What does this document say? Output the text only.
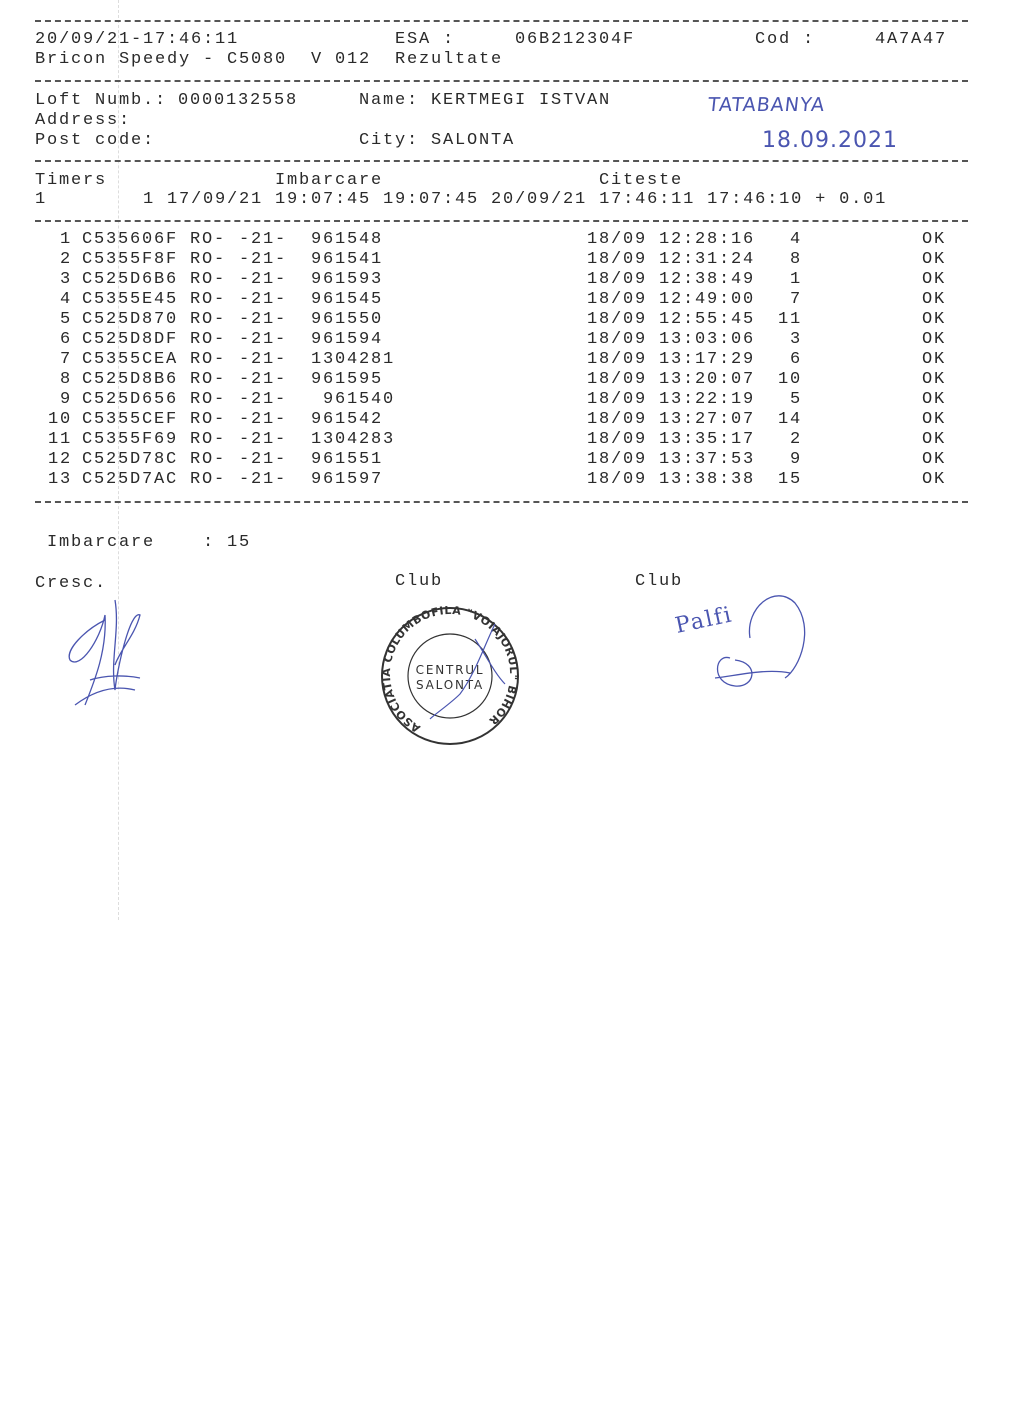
20/09/21-17:46:11	ESA :	06B212304F	Cod :	4A7A47
Bricon Speedy - C5080  V 012 Rezultate
Loft Numb.: 0000132558	Name: KERTMEGI ISTVAN
Address:
Post code:	City: SALONTA
TATABANYA
18.09.2021
Timers	Imbarcare	Citeste
1	1 17/09/21 19:07:45 19:07:45 20/09/21 17:46:11 17:46:10 + 0.01
1 C535606F RO- -21- 961548	18/09 12:28:16	4	OK
2 C5355F8F RO- -21- 961541	18/09 12:31:24	8	OK
3 C525D6B6 RO- -21- 961593	18/09 12:38:49	1	OK
4 C5355E45 RO- -21- 961545	18/09 12:49:00	7	OK
5 C525D870 RO- -21- 961550	18/09 12:55:45	11	OK
6 C525D8DF RO- -21- 961594	18/09 13:03:06	3	OK
7 C5355CEA RO- -21- 1304281	18/09 13:17:29	6	OK
8 C525D8B6 RO- -21- 961595	18/09 13:20:07	10	OK
9 C525D656 RO- -21- 961540	18/09 13:22:19	5	OK
10 C5355CEF RO- -21- 961542	18/09 13:27:07	14	OK
11 C5355F69 RO- -21- 1304283	18/09 13:35:17	2	OK
12 C525D78C RO- -21- 961551	18/09 13:37:53	9	OK
13 C525D7AC RO- -21- 961597	18/09 13:38:38	15	OK
Imbarcare	: 15
Cresc.	Club	Club
ASOCIATIA COLUMBOFILA "VOIAJORUL" BIHOR
CENTRUL
SALONTA
Palfi
